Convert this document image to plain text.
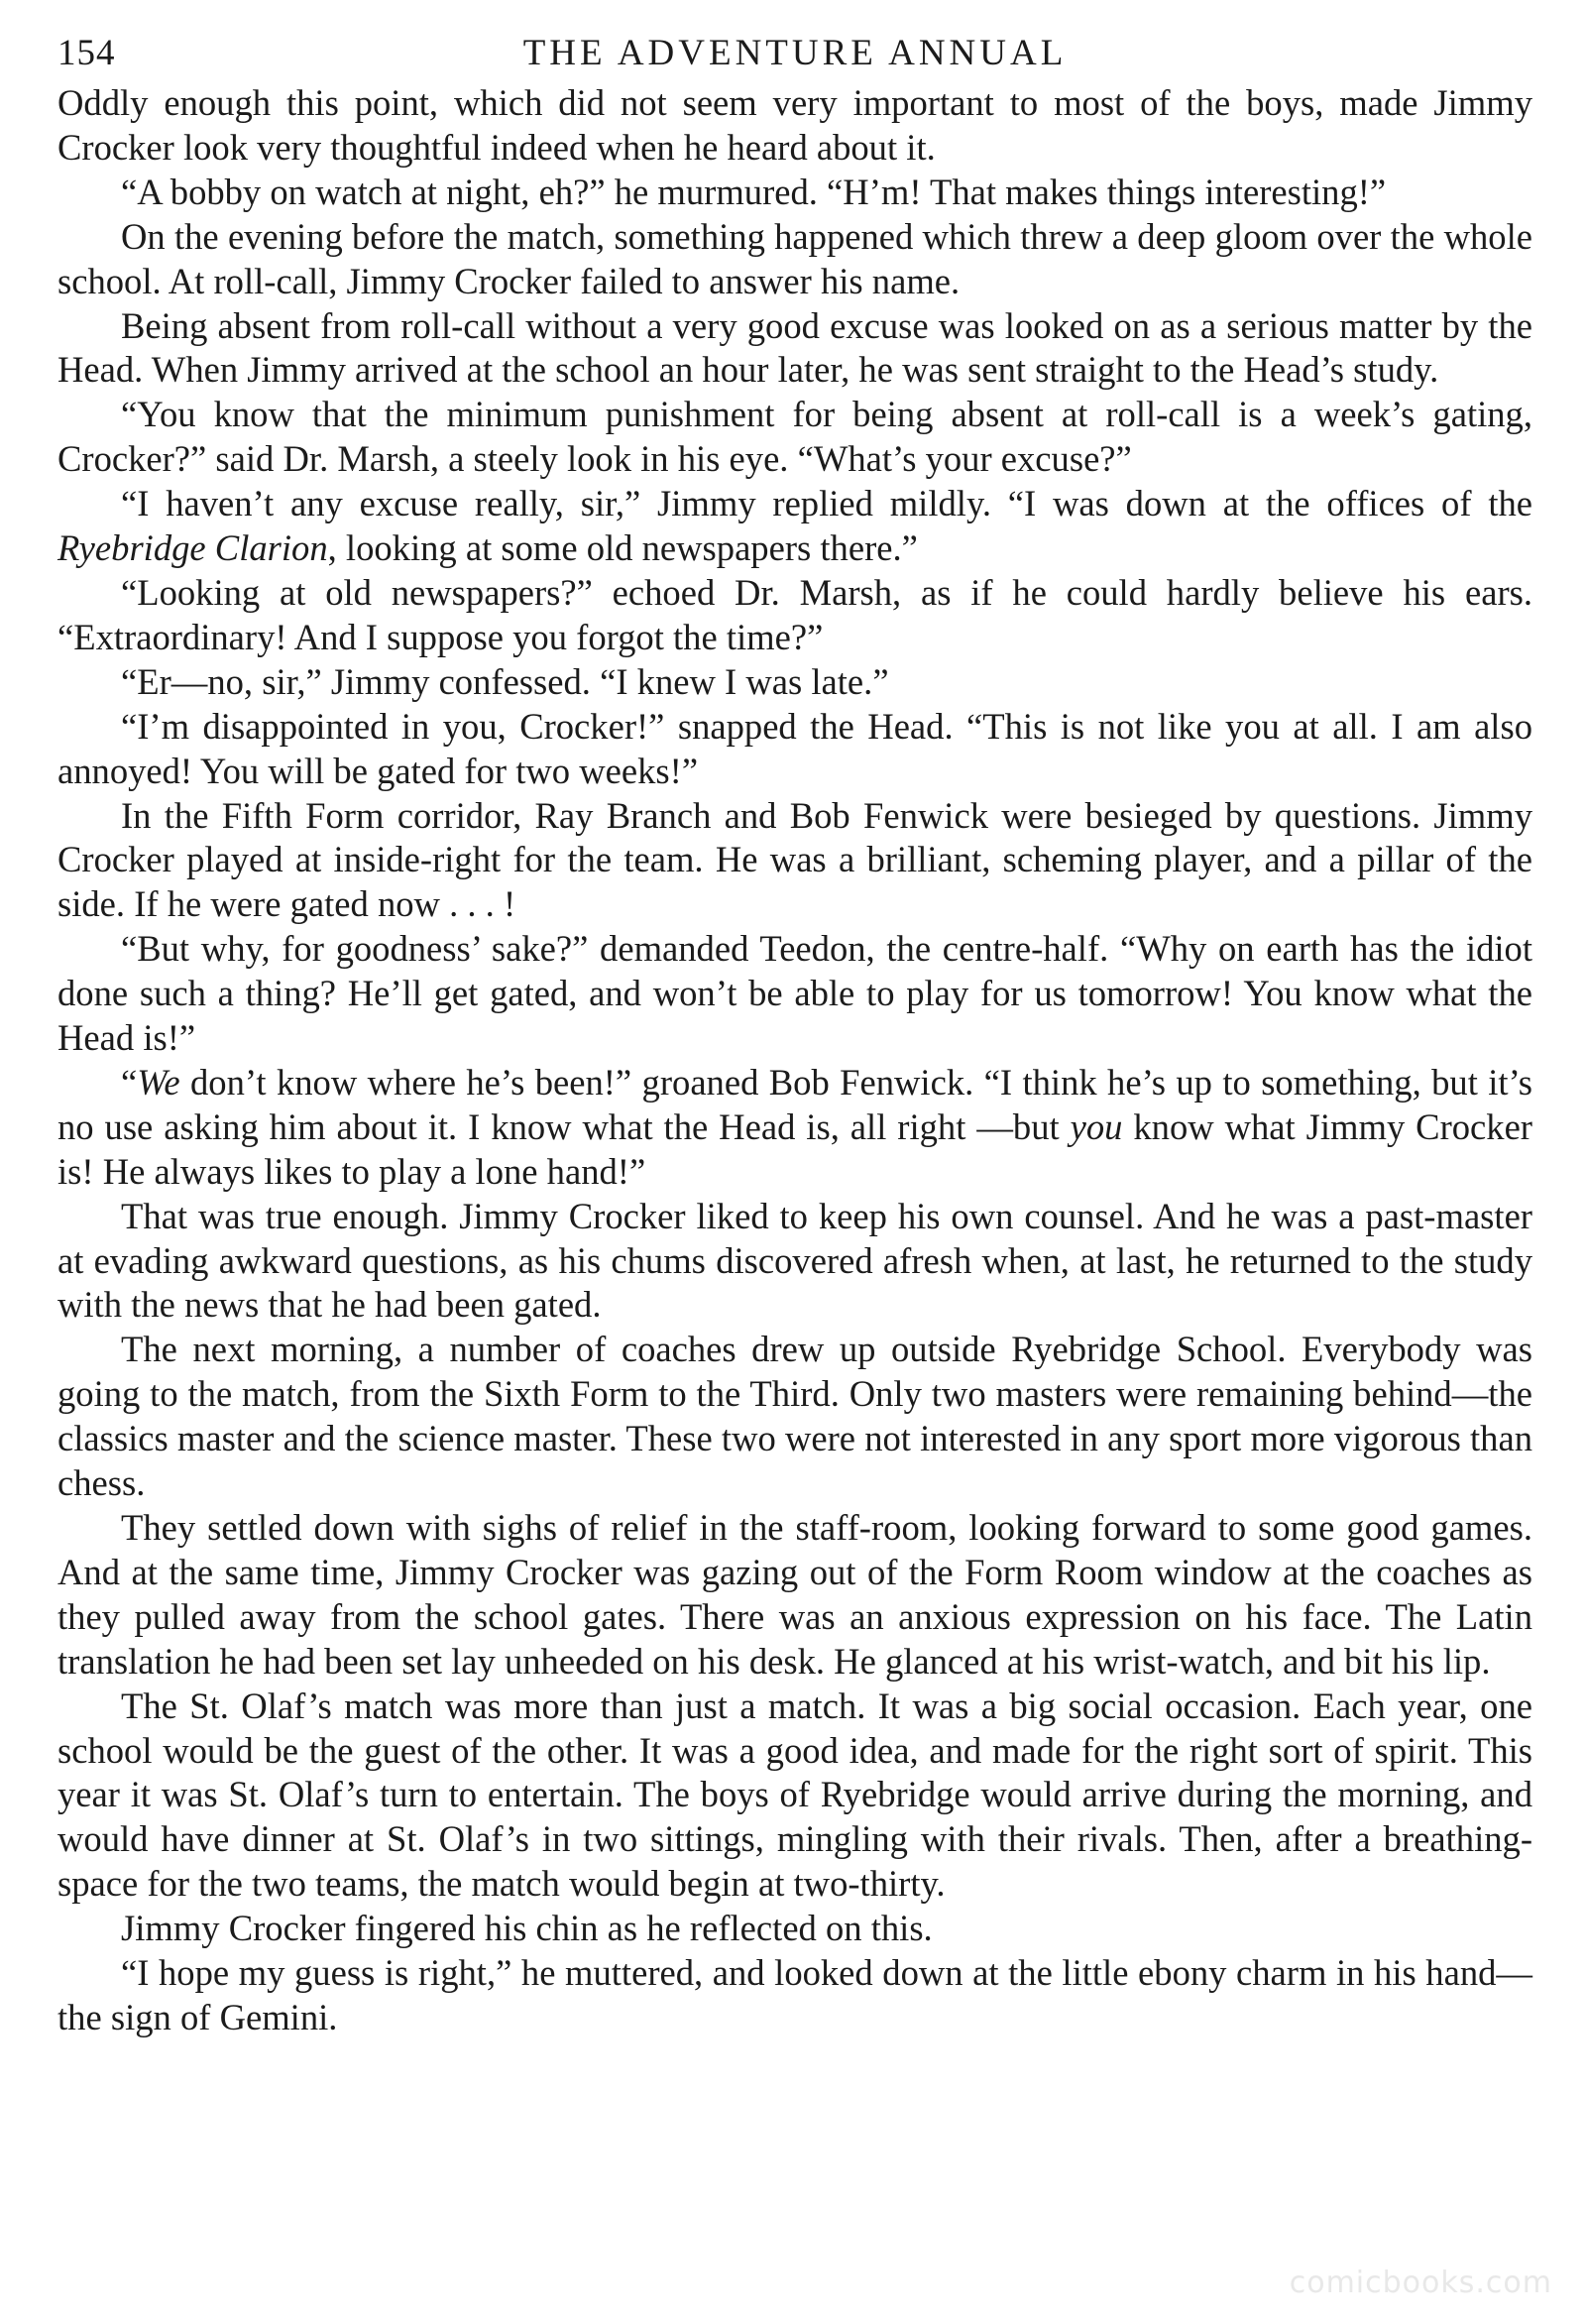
154	THE ADVENTURE ANNUAL

Oddly enough this point, which did not seem very important to most of the boys, made Jimmy Crocker look very thoughtful indeed when he heard about it.

“A bobby on watch at night, eh?” he murmured. “H’m! That makes things interesting!”

On the evening before the match, something happened which threw a deep gloom over the whole school. At roll-call, Jimmy Crocker failed to answer his name.

Being absent from roll-call without a very good excuse was looked on as a serious matter by the Head. When Jimmy arrived at the school an hour later, he was sent straight to the Head’s study.

“You know that the minimum punishment for being absent at roll-call is a week’s gating, Crocker?” said Dr. Marsh, a steely look in his eye. “What’s your excuse?”

“I haven’t any excuse really, sir,” Jimmy replied mildly. “I was down at the offices of the Ryebridge Clarion, looking at some old newspapers there.”

“Looking at old newspapers?” echoed Dr. Marsh, as if he could hardly believe his ears. “Extraordinary! And I suppose you forgot the time?”

“Er—no, sir,” Jimmy confessed. “I knew I was late.”

“I’m disappointed in you, Crocker!” snapped the Head. “This is not like you at all. I am also annoyed! You will be gated for two weeks!”

In the Fifth Form corridor, Ray Branch and Bob Fenwick were besieged by questions. Jimmy Crocker played at inside-right for the team. He was a brilliant, scheming player, and a pillar of the side. If he were gated now . . . !

“But why, for goodness’ sake?” demanded Teedon, the centre-half. “Why on earth has the idiot done such a thing? He’ll get gated, and won’t be able to play for us tomorrow! You know what the Head is!”

“We don’t know where he’s been!” groaned Bob Fenwick. “I think he’s up to something, but it’s no use asking him about it. I know what the Head is, all right —but you know what Jimmy Crocker is! He always likes to play a lone hand!”

That was true enough. Jimmy Crocker liked to keep his own counsel. And he was a past-master at evading awkward questions, as his chums discovered afresh when, at last, he returned to the study with the news that he had been gated.

The next morning, a number of coaches drew up outside Ryebridge School. Everybody was going to the match, from the Sixth Form to the Third. Only two masters were remaining behind—the classics master and the science master. These two were not interested in any sport more vigorous than chess.

They settled down with sighs of relief in the staff-room, looking forward to some good games. And at the same time, Jimmy Crocker was gazing out of the Form Room window at the coaches as they pulled away from the school gates. There was an anxious expression on his face. The Latin translation he had been set lay unheeded on his desk. He glanced at his wrist-watch, and bit his lip.

The St. Olaf’s match was more than just a match. It was a big social occasion. Each year, one school would be the guest of the other. It was a good idea, and made for the right sort of spirit. This year it was St. Olaf’s turn to entertain. The boys of Ryebridge would arrive during the morning, and would have dinner at St. Olaf’s in two sittings, mingling with their rivals. Then, after a breathing-space for the two teams, the match would begin at two-thirty.

Jimmy Crocker fingered his chin as he reflected on this.

“I hope my guess is right,” he muttered, and looked down at the little ebony charm in his hand—the sign of Gemini.

comicbooks.com
